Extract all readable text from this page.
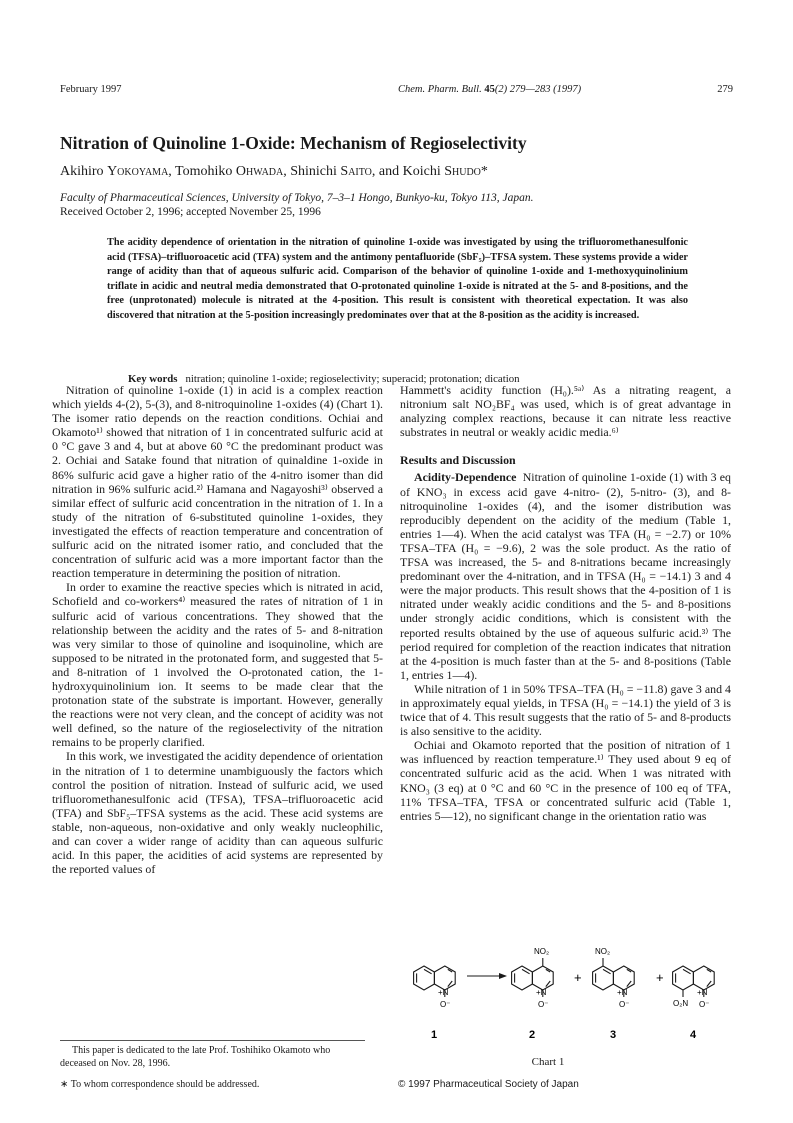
February 1997	Chem. Pharm. Bull. 45(2) 279—283 (1997)	279
Nitration of Quinoline 1-Oxide: Mechanism of Regioselectivity
Akihiro Yokoyama, Tomohiko Ohwada, Shinichi Saito, and Koichi Shudo*
Faculty of Pharmaceutical Sciences, University of Tokyo, 7–3–1 Hongo, Bunkyo-ku, Tokyo 113, Japan.
Received October 2, 1996; accepted November 25, 1996

The acidity dependence of orientation in the nitration of quinoline 1-oxide was investigated by using the trifluoromethanesulfonic acid (TFSA)–trifluoroacetic acid (TFA) system and the antimony pentafluoride (SbF₅)–TFSA system. These systems provide a wider range of acidity than that of aqueous sulfuric acid. Comparison of the behavior of quinoline 1-oxide and 1-methoxyquinolinium triflate in acidic and neutral media demonstrated that O-protonated quinoline 1-oxide is nitrated at the 5- and 8-positions, and the free (unprotonated) molecule is nitrated at the 4-position. This result is consistent with theoretical expectation. It was also discovered that nitration at the 5-position increasingly predominates over that at the 8-position as the acidity is increased.

Key words nitration; quinoline 1-oxide; regioselectivity; superacid; protonation; dication

Nitration of quinoline 1-oxide (1) in acid is a complex reaction which yields 4-(2), 5-(3), and 8-nitroquinoline 1-oxides (4) (Chart 1). The isomer ratio depends on the reaction conditions. Ochiai and Okamoto¹⁾ showed that nitration of 1 in concentrated sulfuric acid at 0 °C gave 3 and 4, but at above 60 °C the predominant product was 2. Ochiai and Satake found that nitration of quinaldine 1-oxide in 86% sulfuric acid gave a higher ratio of the 4-nitro isomer than did nitration in 96% sulfuric acid.²⁾ Hamana and Nagayoshi³⁾ observed a similar effect of sulfuric acid concentration in the nitration of 1. In a study of the nitration of 6-substituted quinoline 1-oxides, they investigated the effects of reaction temperature and concentration of sulfuric acid on the nitrated isomer ratio, and concluded that the concentration of sulfuric acid was a more important factor than the reaction temperature in determining the position of nitration.

In order to examine the reactive species which is nitrated in acid, Schofield and co-workers⁴⁾ measured the rates of nitration of 1 in sulfuric acid of various concentrations. They showed that the relationship between the acidity and the rates of 5- and 8-nitration was very similar to those of quinoline and isoquinoline, which are supposed to be nitrated in the protonated form, and suggested that 5- and 8-nitration of 1 involved the O-protonated cation, the 1-hydroxyquinolinium ion. It seems to be made clear that the protonation state of the substrate is important. However, generally the reactions were not very clean, and the concept of acidity was not well defined, so the nature of the regioselectivity of the nitration remains to be properly clarified.

In this work, we investigated the acidity dependence of orientation in the nitration of 1 to determine unambiguously the factors which control the position of nitration. Instead of sulfuric acid, we used trifluoromethanesulfonic acid (TFSA), TFSA–trifluoroacetic acid (TFA) and SbF₅–TFSA systems as the acid. These acid systems are stable, non-aqueous, non-oxidative and only weakly nucleophilic, and can cover a wider range of acidity than can aqueous sulfuric acid. In this paper, the acidities of acid systems are represented by the reported values of

Hammett's acidity function (H₀).⁵ᵃ⁾ As a nitrating reagent, a nitronium salt NO₂BF₄ was used, which is of great advantage in analyzing complex reactions, because it can nitrate less reactive substrates in neutral or weakly acidic media.⁶⁾

Results and Discussion

Acidity-Dependence Nitration of quinoline 1-oxide (1) with 3 eq of KNO₃ in excess acid gave 4-nitro- (2), 5-nitro- (3), and 8-nitroquinoline 1-oxides (4), and the isomer distribution was reproducibly dependent on the acidity of the medium (Table 1, entries 1—4). When the acid catalyst was TFA (H₀ = −2.7) or 10% TFSA–TFA (H₀ = −9.6), 2 was the sole product. As the ratio of TFSA was increased, the 5- and 8-nitrations became increasingly predominant over the 4-nitration, and in TFSA (H₀ = −14.1) 3 and 4 were the major products. This result shows that the 4-position of 1 is nitrated under weakly acidic conditions and the 5- and 8-positions under strongly acidic conditions, which is consistent with the reported results obtained by the use of aqueous sulfuric acid.³⁾ The period required for completion of the reaction indicates that nitration at the 4-position is much faster than at the 5- and 8-positions (Table 1, entries 1—4).

While nitration of 1 in 50% TFSA–TFA (H₀ = −11.8) gave 3 and 4 in approximately equal yields, in TFSA (H₀ = −14.1) the yield of 3 is twice that of 4. This result suggests that the ratio of 5- and 8-products is also sensitive to the acidity.

Ochiai and Okamoto reported that the position of nitration of 1 was influenced by reaction temperature.¹⁾ They used about 9 eq of concentrated sulfuric acid as the acid. When 1 was nitrated with KNO₃ (3 eq) at 0 °C and 60 °C in the presence of 100 eq of TFA, 11% TFSA–TFA, TFSA or concentrated sulfuric acid (Table 1, entries 5—12), no significant change in the orientation ratio was

+N
O⁻
NO₂
+N
O⁻
+
NO₂
+N
O⁻
+
O₂N
+N
O⁻
1	2	3	4
Chart 1
This paper is dedicated to the late Prof. Toshihiko Okamoto who deceased on Nov. 28, 1996.
∗ To whom correspondence should be addressed.	© 1997 Pharmaceutical Society of Japan
